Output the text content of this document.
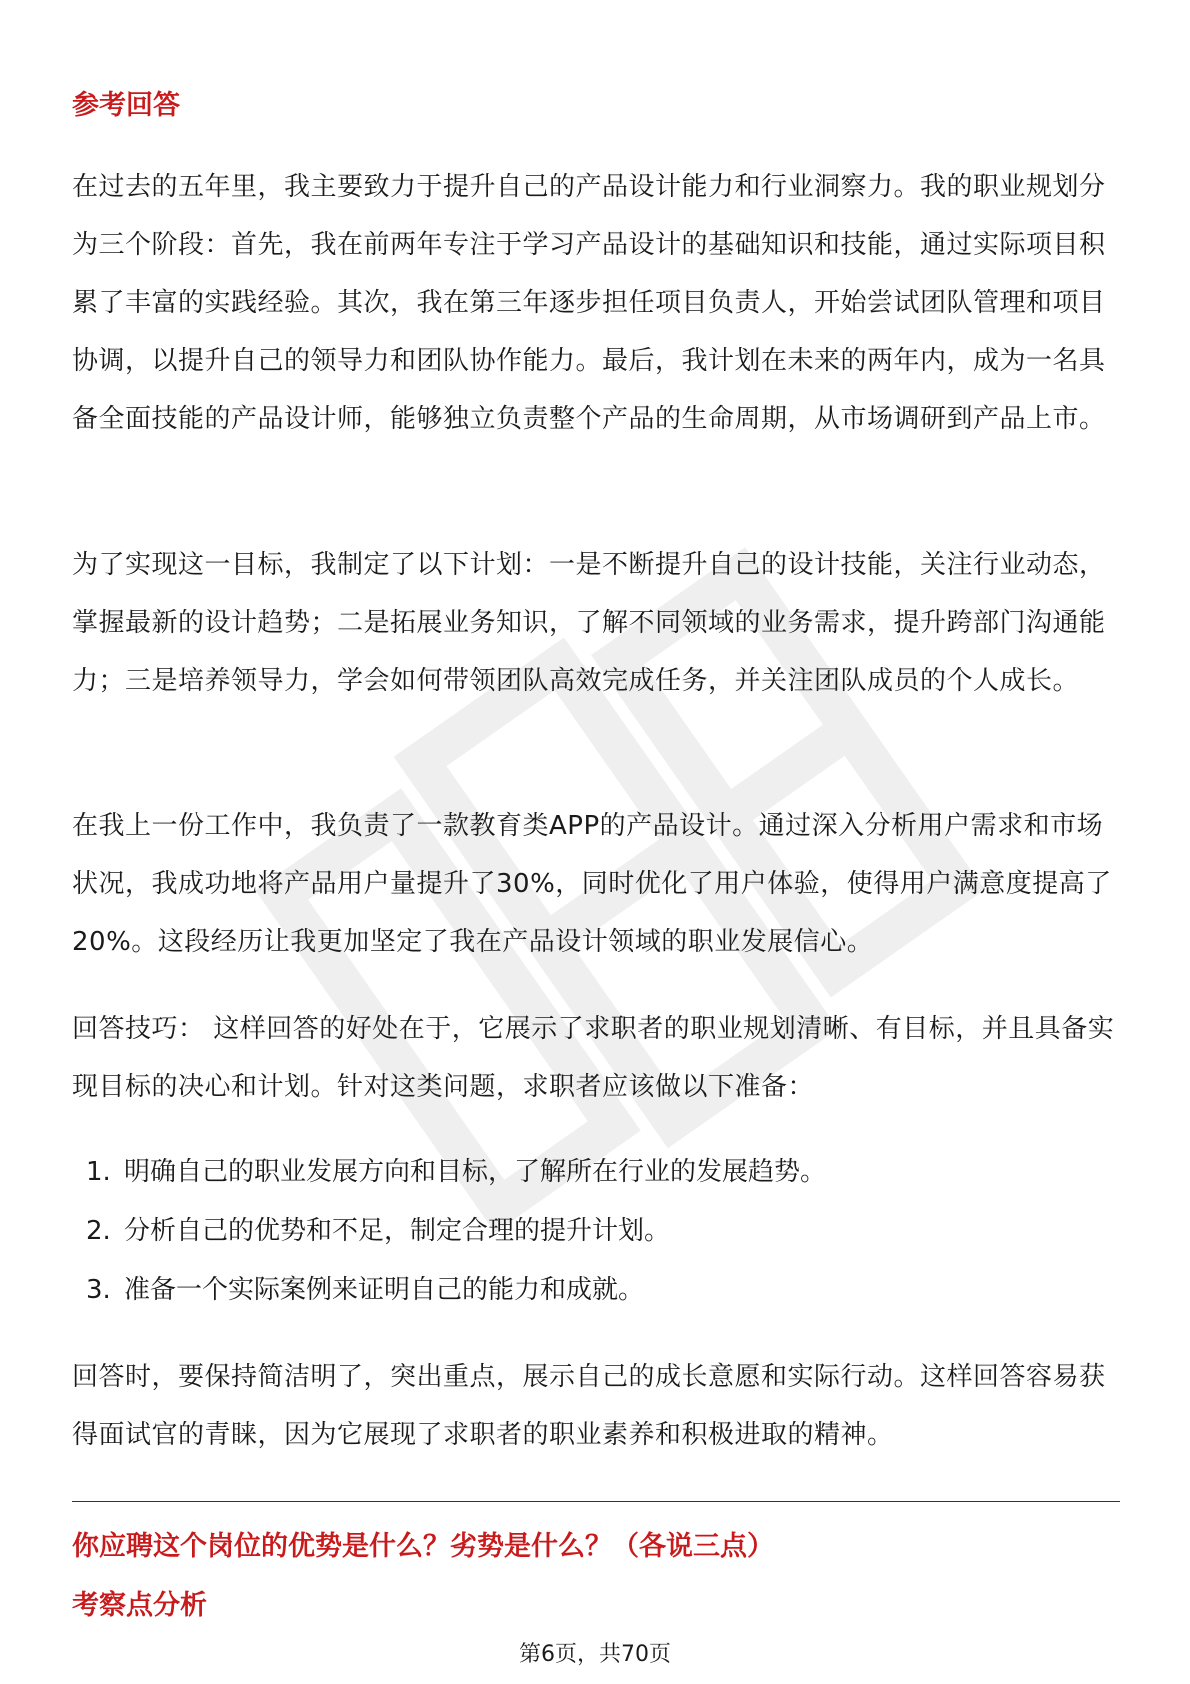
参考回答

在过去的五年里，我主要致力于提升自己的产品设计能力和行业洞察力。我的职业规划分为三个阶段：首先，我在前两年专注于学习产品设计的基础知识和技能，通过实际项目积累了丰富的实践经验。其次，我在第三年逐步担任项目负责人，开始尝试团队管理和项目协调，以提升自己的领导力和团队协作能力。最后，我计划在未来的两年内，成为一名具备全面技能的产品设计师，能够独立负责整个产品的生命周期，从市场调研到产品上市。

为了实现这一目标，我制定了以下计划：一是不断提升自己的设计技能，关注行业动态，掌握最新的设计趋势；二是拓展业务知识，了解不同领域的业务需求，提升跨部门沟通能力；三是培养领导力，学会如何带领团队高效完成任务，并关注团队成员的个人成长。

在我上一份工作中，我负责了一款教育类APP的产品设计。通过深入分析用户需求和市场状况，我成功地将产品用户量提升了30%，同时优化了用户体验，使得用户满意度提高了20%。这段经历让我更加坚定了我在产品设计领域的职业发展信心。

回答技巧： 这样回答的好处在于，它展示了求职者的职业规划清晰、有目标，并且具备实现目标的决心和计划。针对这类问题，求职者应该做以下准备：

1. 明确自己的职业发展方向和目标，了解所在行业的发展趋势。
2. 分析自己的优势和不足，制定合理的提升计划。
3. 准备一个实际案例来证明自己的能力和成就。

回答时，要保持简洁明了，突出重点，展示自己的成长意愿和实际行动。这样回答容易获得面试官的青睐，因为它展现了求职者的职业素养和积极进取的精神。

你应聘这个岗位的优势是什么？劣势是什么？（各说三点）
考察点分析
第6页，共70页
